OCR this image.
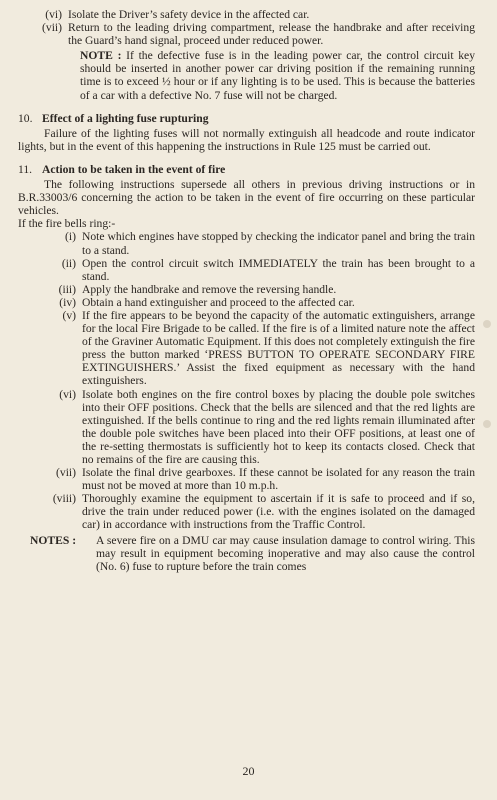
(vi) Isolate the Driver’s safety device in the affected car.
(vii) Return to the leading driving compartment, release the handbrake and after receiving the Guard’s hand signal, proceed under reduced power.

NOTE : If the defective fuse is in the leading power car, the control circuit key should be inserted in another power car driving position if the remaining running time is to exceed ½ hour or if any lighting is to be used. This is because the batteries of a car with a defective No. 7 fuse will not be charged.

10. Effect of a lighting fuse rupturing

Failure of the lighting fuses will not normally extinguish all headcode and route indicator lights, but in the event of this happening the instructions in Rule 125 must be carried out.

11. Action to be taken in the event of fire

The following instructions supersede all others in previous driving instructions or in B.R.33003/6 concerning the action to be taken in the event of fire occurring on these particular vehicles.

If the fire bells ring:-

(i) Note which engines have stopped by checking the indicator panel and bring the train to a stand.
(ii) Open the control circuit switch IMMEDIATELY the train has been brought to a stand.
(iii) Apply the handbrake and remove the reversing handle.
(iv) Obtain a hand extinguisher and proceed to the affected car.
(v) If the fire appears to be beyond the capacity of the automatic extinguishers, arrange for the local Fire Brigade to be called. If the fire is of a limited nature note the affect of the Graviner Automatic Equipment. If this does not completely extinguish the fire press the button marked ‘PRESS BUTTON TO OPERATE SECONDARY FIRE EXTINGUISHERS.’ Assist the fixed equipment as necessary with the hand extinguishers.
(vi) Isolate both engines on the fire control boxes by placing the double pole switches into their OFF positions. Check that the bells are silenced and that the red lights are extinguished. If the bells continue to ring and the red lights remain illuminated after the double pole switches have been placed into their OFF positions, at least one of the re-setting thermostats is sufficiently hot to keep its contacts closed. Check that no remains of the fire are causing this.
(vii) Isolate the final drive gearboxes. If these cannot be isolated for any reason the train must not be moved at more than 10 m.p.h.
(viii) Thoroughly examine the equipment to ascertain if it is safe to proceed and if so, drive the train under reduced power (i.e. with the engines isolated on the damaged car) in accordance with instructions from the Traffic Control.
NOTES :	A severe fire on a DMU car may cause insulation damage to control wiring. This may result in equipment becoming inoperative and may also cause the control (No. 6) fuse to rupture before the train comes
20
